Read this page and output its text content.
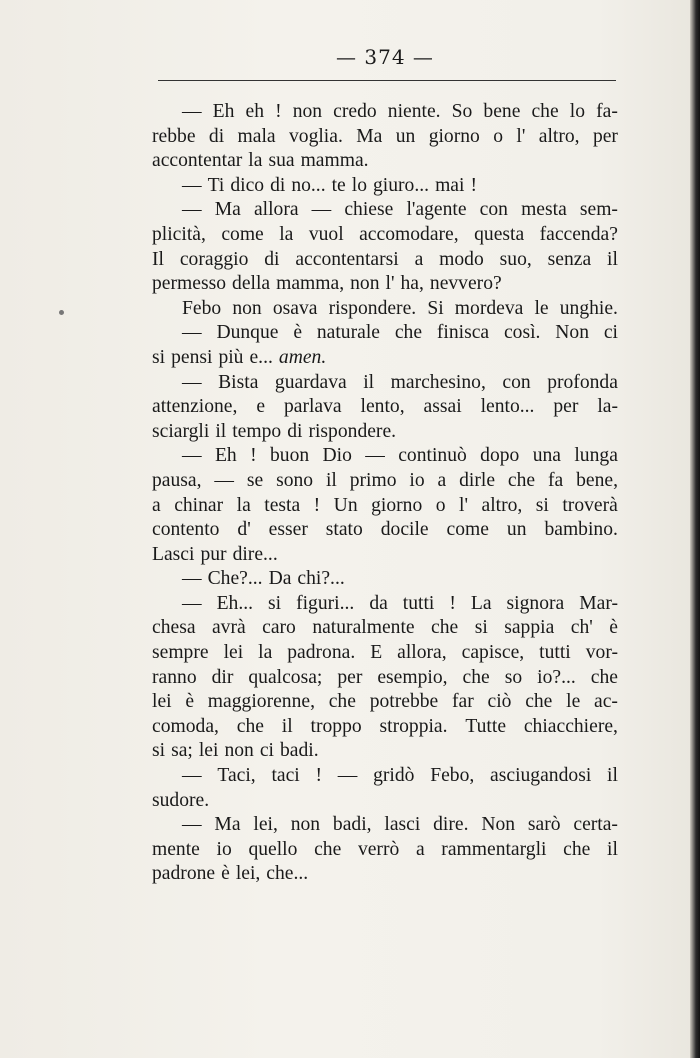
— 374 —
— Eh eh ! non credo niente. So bene che lo fa-
rebbe di mala voglia. Ma un giorno o l' altro, per
accontentar la sua mamma.
— Ti dico di no... te lo giuro... mai !
— Ma allora — chiese l'agente con mesta sem-
plicità, come la vuol accomodare, questa faccenda?
Il coraggio di accontentarsi a modo suo, senza il
permesso della mamma, non l' ha, nevvero?
Febo non osava rispondere. Si mordeva le unghie.
— Dunque è naturale che finisca così. Non ci
si pensi più e... amen.
— Bista guardava il marchesino, con profonda
attenzione, e parlava lento, assai lento... per la-
sciargli il tempo di rispondere.
— Eh ! buon Dio — continuò dopo una lunga
pausa, — se sono il primo io a dirle che fa bene,
a chinar la testa ! Un giorno o l' altro, si troverà
contento d' esser stato docile come un bambino.
Lasci pur dire...
— Che?... Da chi?...
— Eh... si figuri... da tutti ! La signora Mar-
chesa avrà caro naturalmente che si sappia ch' è
sempre lei la padrona. E allora, capisce, tutti vor-
ranno dir qualcosa; per esempio, che so io?... che
lei è maggiorenne, che potrebbe far ciò che le ac-
comoda, che il troppo stroppia. Tutte chiacchiere,
si sa; lei non ci badi.
— Taci, taci ! — gridò Febo, asciugandosi il
sudore.
— Ma lei, non badi, lasci dire. Non sarò certa-
mente io quello che verrò a rammentargli che il
padrone è lei, che...
